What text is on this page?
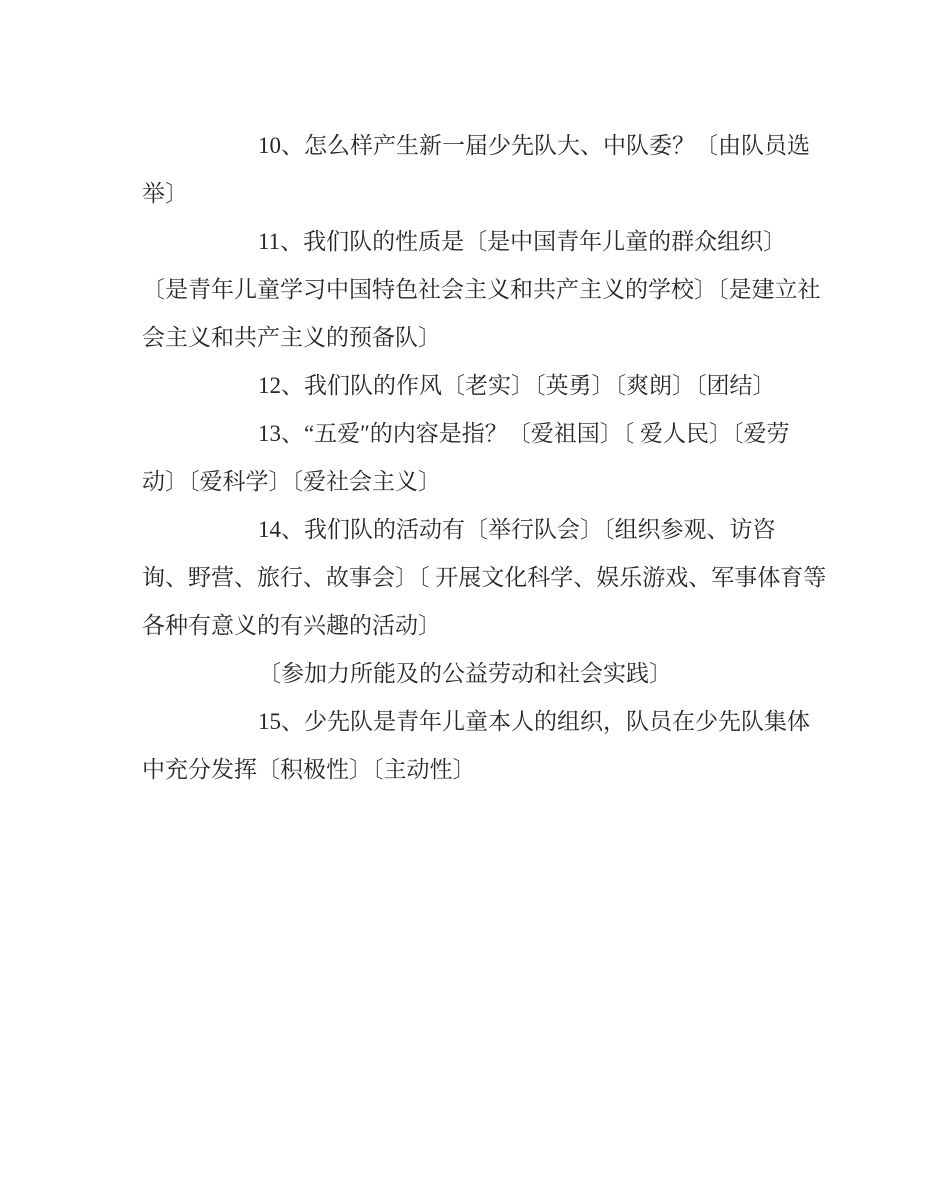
10、怎么样产生新一届少先队大、中队委？〔由队员选
举〕
11、我们队的性质是〔是中国青年儿童的群众组织〕
〔是青年儿童学习中国特色社会主义和共产主义的学校〕〔是建立社
会主义和共产主义的预备队〕
12、我们队的作风〔老实〕〔英勇〕〔爽朗〕〔团结〕
13、“五爱″的内容是指？〔爱祖国〕〔 爱人民〕〔爱劳
动〕〔爱科学〕〔爱社会主义〕
14、我们队的活动有〔举行队会〕〔组织参观、访咨
询、野营、旅行、故事会〕〔 开展文化科学、娱乐游戏、军事体育等
各种有意义的有兴趣的活动〕
〔参加力所能及的公益劳动和社会实践〕
15、少先队是青年儿童本人的组织，队员在少先队集体
中充分发挥〔积极性〕〔主动性〕
